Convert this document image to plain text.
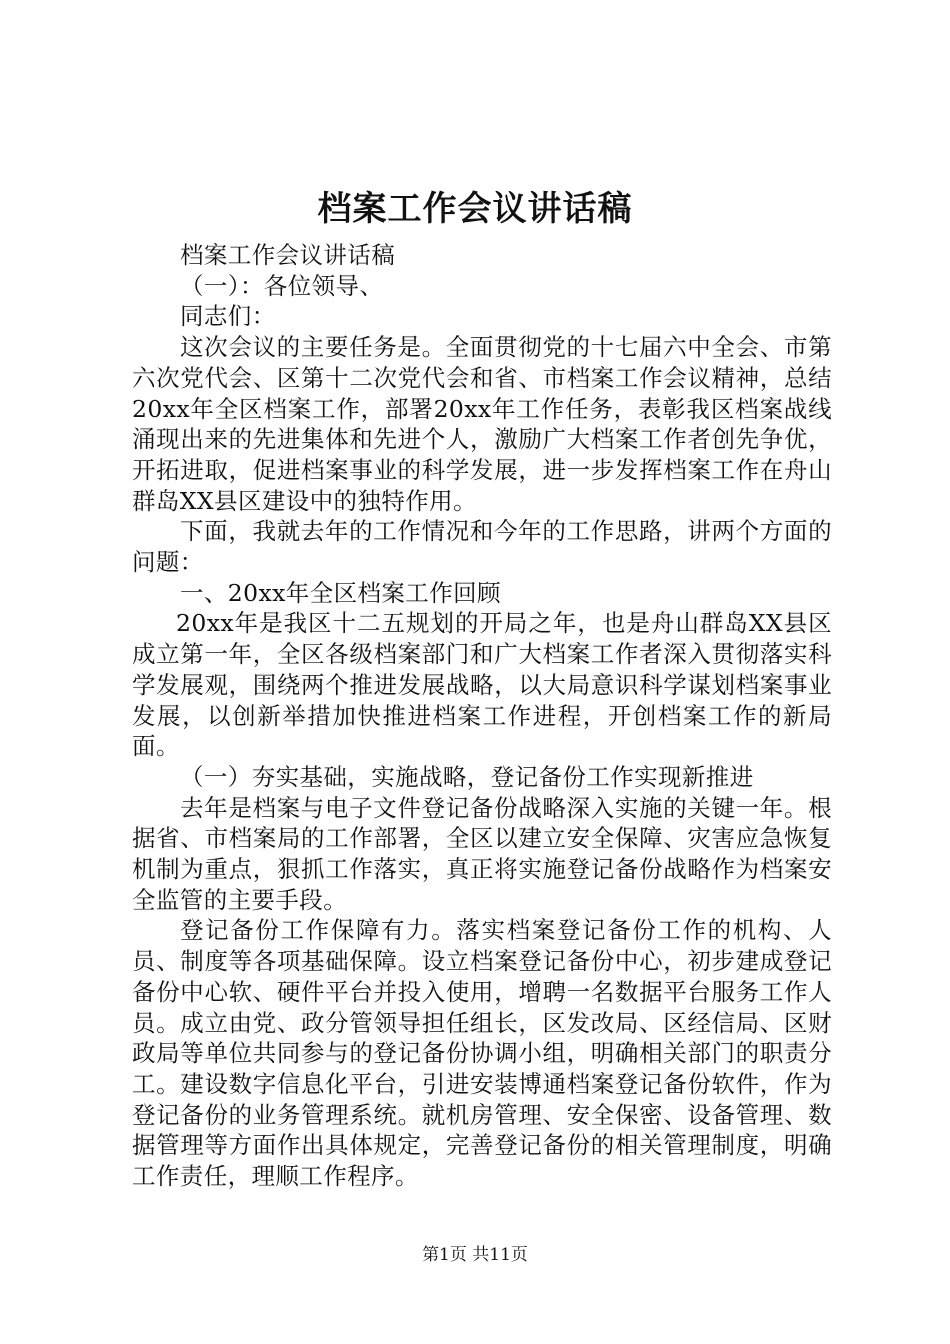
档案工作会议讲话稿

档案工作会议讲话稿

（一）：各位领导、

同志们：

这次会议的主要任务是。全面贯彻党的十七届六中全会、市第六次党代会、区第十二次党代会和省、市档案工作会议精神，总结20xx年全区档案工作，部署20xx年工作任务，表彰我区档案战线涌现出来的先进集体和先进个人，激励广大档案工作者创先争优，开拓进取，促进档案事业的科学发展，进一步发挥档案工作在舟山群岛XX县区建设中的独特作用。

下面，我就去年的工作情况和今年的工作思路，讲两个方面的问题：

一、20xx年全区档案工作回顾

20xx年是我区十二五规划的开局之年，也是舟山群岛XX县区成立第一年，全区各级档案部门和广大档案工作者深入贯彻落实科学发展观，围绕两个推进发展战略，以大局意识科学谋划档案事业发展，以创新举措加快推进档案工作进程，开创档案工作的新局面。

（一）夯实基础，实施战略，登记备份工作实现新推进

去年是档案与电子文件登记备份战略深入实施的关键一年。根据省、市档案局的工作部署，全区以建立安全保障、灾害应急恢复机制为重点，狠抓工作落实，真正将实施登记备份战略作为档案安全监管的主要手段。

登记备份工作保障有力。落实档案登记备份工作的机构、人员、制度等各项基础保障。设立档案登记备份中心，初步建成登记备份中心软、硬件平台并投入使用，增聘一名数据平台服务工作人员。成立由党、政分管领导担任组长，区发改局、区经信局、区财政局等单位共同参与的登记备份协调小组，明确相关部门的职责分工。建设数字信息化平台，引进安装博通档案登记备份软件，作为登记备份的业务管理系统。就机房管理、安全保密、设备管理、数据管理等方面作出具体规定，完善登记备份的相关管理制度，明确工作责任，理顺工作程序。

第1页 共11页
